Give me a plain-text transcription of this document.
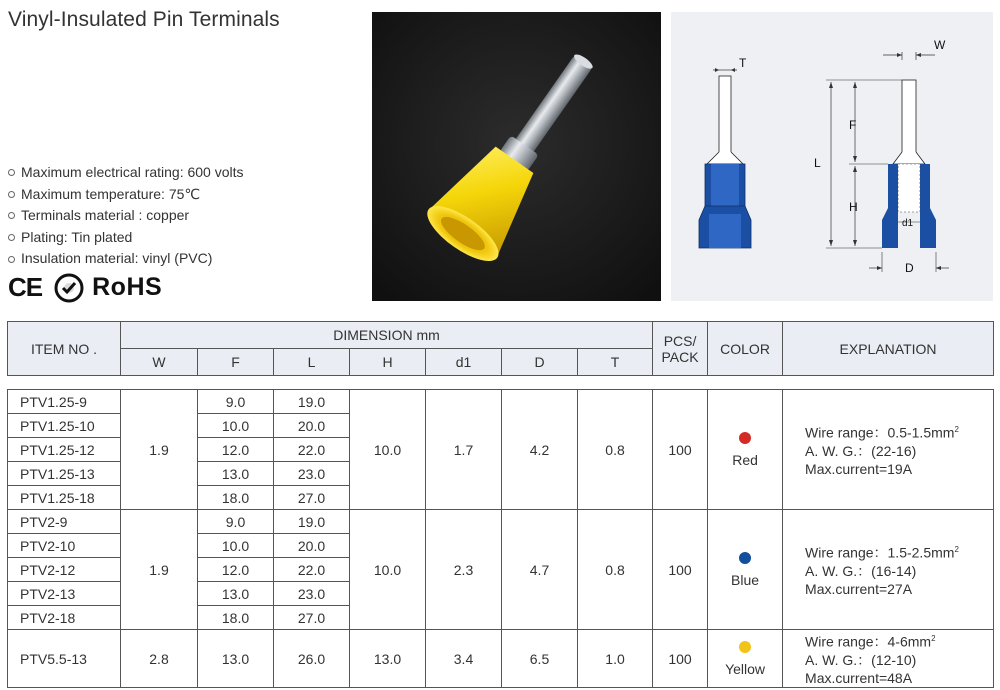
Vinyl-Insulated Pin Terminals
Maximum electrical rating: 600 volts
Maximum temperature: 75℃
Terminals material : copper
Plating: Tin plated
Insulation material: vinyl (PVC)
CE RoHS
T
W
L
F
H
d1
D
ITEM NO .	DIMENSION mm							PCS/
PACK	COLOR	EXPLANATION
	W	F	L	H	d1	D	T			

PTV1.25-9	1.9	9.0	19.0	10.0	1.7	4.2	0.8	100	Red	Wire range：$0.5-1.5mm^2$
A. W. G.：(22-16)
Max.current=19A

PTV1.25-10		10.0	20.0							
PTV1.25-12		12.0	22.0							
PTV1.25-13		13.0	23.0							
PTV1.25-18		18.0	27.0							
PTV2-9	1.9	9.0	19.0	10.0	2.3	4.7	0.8	100	Blue	Wire range：$1.5-2.5mm^2$
A. W. G.：(16-14)
Max.current=27A

PTV2-10		10.0	20.0							
PTV2-12		12.0	22.0							
PTV2-13		13.0	23.0							
PTV2-18		18.0	27.0							
PTV5.5-13	2.8	13.0	26.0	13.0	3.4	6.5	1.0	100	Yellow	Wire range：$4-6mm^2$
A. W. G.：(12-10)
Max.current=48A
